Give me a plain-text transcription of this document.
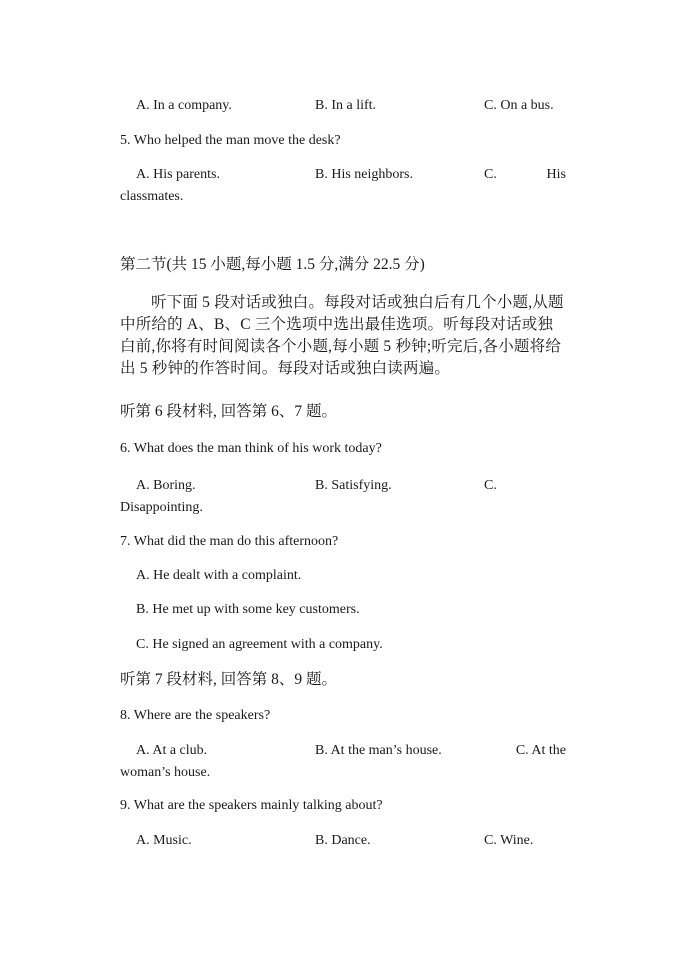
A. In a company.	B. In a lift.	C. On a bus.
5. Who helped the man move the desk?
A. His parents.	B. His neighbors.	C.	His
classmates.
第二节(共 15 小题,每小题 1.5 分,满分 22.5 分)

听下面 5 段对话或独白。每段对话或独白后有几个小题,从题中所给的 A、B、C 三个选项中选出最佳选项。听每段对话或独白前,你将有时间阅读各个小题,每小题 5 秒钟;听完后,各小题将给出 5 秒钟的作答时间。每段对话或独白读两遍。

听第 6 段材料, 回答第 6、7 题。
6. What does the man think of his work today?
A. Boring.	B. Satisfying.	C.
Disappointing.
7. What did the man do this afternoon?
A. He dealt with a complaint.
B. He met up with some key customers.
C. He signed an agreement with a company.
听第 7 段材料, 回答第 8、9 题。
8. Where are the speakers?
A. At a club.	B. At the man’s house.	C. At the
woman’s house.
9. What are the speakers mainly talking about?
A. Music.	B. Dance.	C. Wine.
